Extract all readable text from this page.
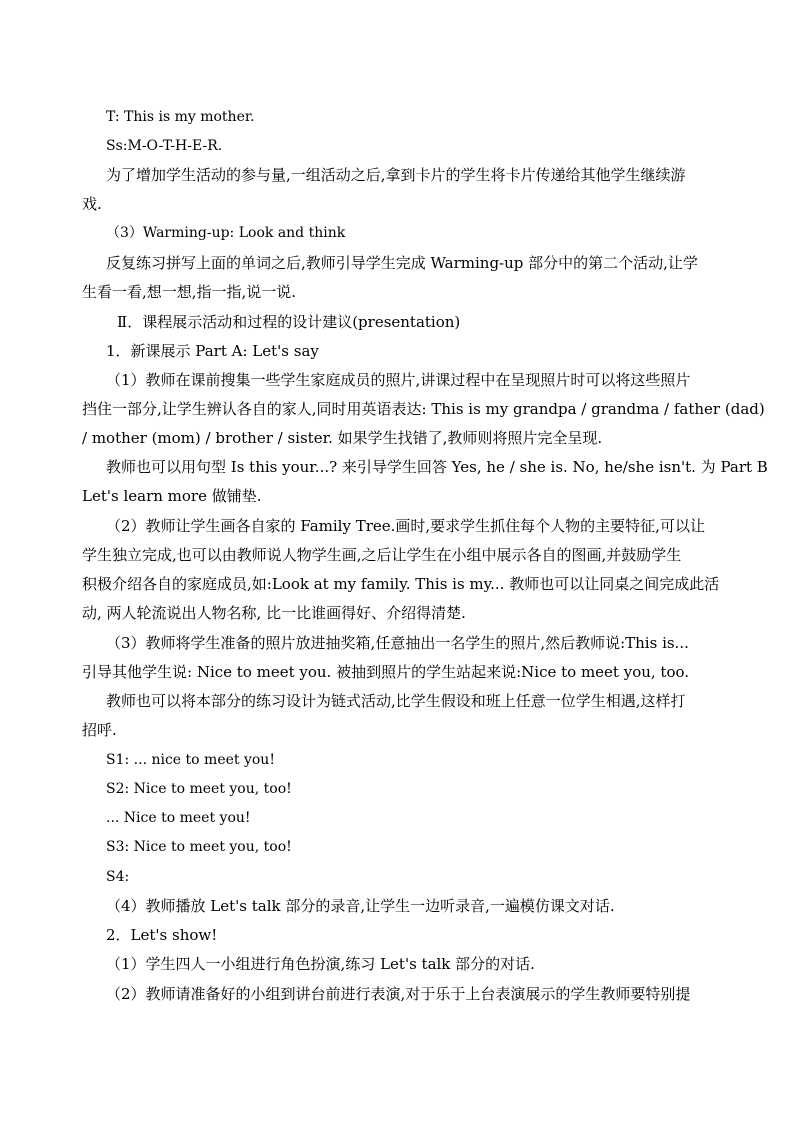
T: This is my mother.
Ss:M-O-T-H-E-R.
为了增加学生活动的参与量,一组活动之后,拿到卡片的学生将卡片传递给其他学生继续游
戏.
（3）Warming-up: Look and think
反复练习拼写上面的单词之后,教师引导学生完成 Warming-up 部分中的第二个活动,让学
生看一看,想一想,指一指,说一说.
Ⅱ．课程展示活动和过程的设计建议(presentation)
1．新课展示 Part A: Let's say
（1）教师在课前搜集一些学生家庭成员的照片,讲课过程中在呈现照片时可以将这些照片
挡住一部分,让学生辨认各自的家人,同时用英语表达: This is my grandpa / grandma / father (dad)
/ mother (mom) / brother / sister. 如果学生找错了,教师则将照片完全呈现.
教师也可以用句型 Is this your...? 来引导学生回答 Yes, he / she is. No, he/she isn't. 为 Part B
Let's learn more 做铺垫.
（2）教师让学生画各自家的 Family Tree.画时,要求学生抓住每个人物的主要特征,可以让
学生独立完成,也可以由教师说人物学生画,之后让学生在小组中展示各自的图画,并鼓励学生
积极介绍各自的家庭成员,如:Look at my family. This is my... 教师也可以让同桌之间完成此活
动, 两人轮流说出人物名称, 比一比谁画得好、介绍得清楚.
（3）教师将学生准备的照片放进抽奖箱,任意抽出一名学生的照片,然后教师说:This is...
引导其他学生说: Nice to meet you. 被抽到照片的学生站起来说:Nice to meet you, too.
教师也可以将本部分的练习设计为链式活动,比学生假设和班上任意一位学生相遇,这样打
招呼.
S1: ... nice to meet you!
S2: Nice to meet you, too!
... Nice to meet you!
S3: Nice to meet you, too!
S4:
（4）教师播放 Let's talk 部分的录音,让学生一边听录音,一遍模仿课文对话.
2．Let's show!
（1）学生四人一小组进行角色扮演,练习 Let's talk 部分的对话.
（2）教师请准备好的小组到讲台前进行表演,对于乐于上台表演展示的学生教师要特别提
